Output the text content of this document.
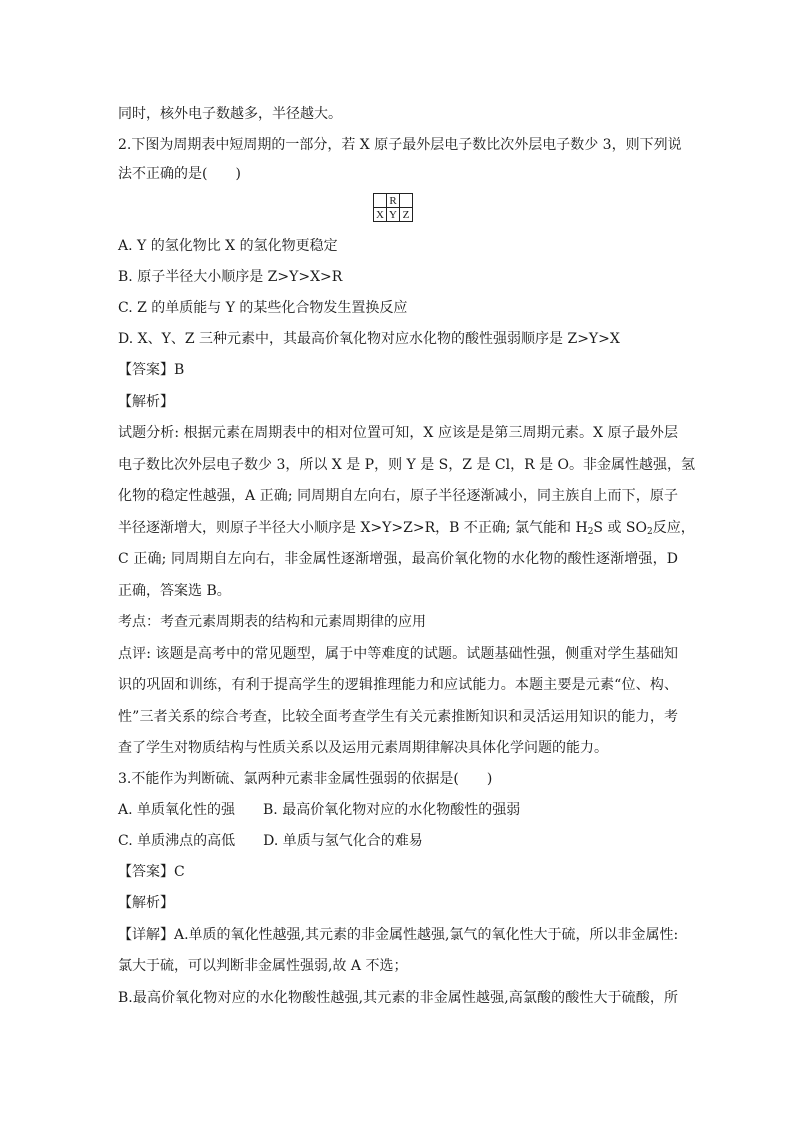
同时，核外电子数越多，半径越大。
2.下图为周期表中短周期的一部分，若 X 原子最外层电子数比次外层电子数少 3，则下列说
法不正确的是(　　)
	R	
X	Y	Z
A. Y 的氢化物比 X 的氢化物更稳定
B. 原子半径大小顺序是 Z>Y>X>R
C. Z 的单质能与 Y 的某些化合物发生置换反应
D. X、Y、Z 三种元素中，其最高价氧化物对应水化物的酸性强弱顺序是 Z>Y>X
【答案】B
【解析】
试题分析: 根据元素在周期表中的相对位置可知，X 应该是是第三周期元素。X 原子最外层
电子数比次外层电子数少 3，所以 X 是 P，则 Y 是 S，Z 是 Cl，R 是 O。非金属性越强，氢
化物的稳定性越强，A 正确; 同周期自左向右，原子半径逐渐减小，同主族自上而下，原子
半径逐渐增大，则原子半径大小顺序是 X>Y>Z>R，B 不正确; 氯气能和 $H_2S$ 或 $SO_2$反应，
C 正确; 同周期自左向右，非金属性逐渐增强，最高价氧化物的水化物的酸性逐渐增强，D
正确，答案选 B。
考点：考查元素周期表的结构和元素周期律的应用
点评: 该题是高考中的常见题型，属于中等难度的试题。试题基础性强，侧重对学生基础知
识的巩固和训练，有利于提高学生的逻辑推理能力和应试能力。本题主要是元素“位、构、
性”三者关系的综合考查，比较全面考查学生有关元素推断知识和灵活运用知识的能力，考
查了学生对物质结构与性质关系以及运用元素周期律解决具体化学问题的能力。
3.不能作为判断硫、氯两种元素非金属性强弱的依据是(　　)
A. 单质氧化性的强　　B. 最高价氧化物对应的水化物酸性的强弱
C. 单质沸点的高低　　D. 单质与氢气化合的难易
【答案】C
【解析】
【详解】A.单质的氧化性越强,其元素的非金属性越强,氯气的氧化性大于硫，所以非金属性:
氯大于硫，可以判断非金属性强弱,故 A 不选；
B.最高价氧化物对应的水化物酸性越强,其元素的非金属性越强,高氯酸的酸性大于硫酸，所
